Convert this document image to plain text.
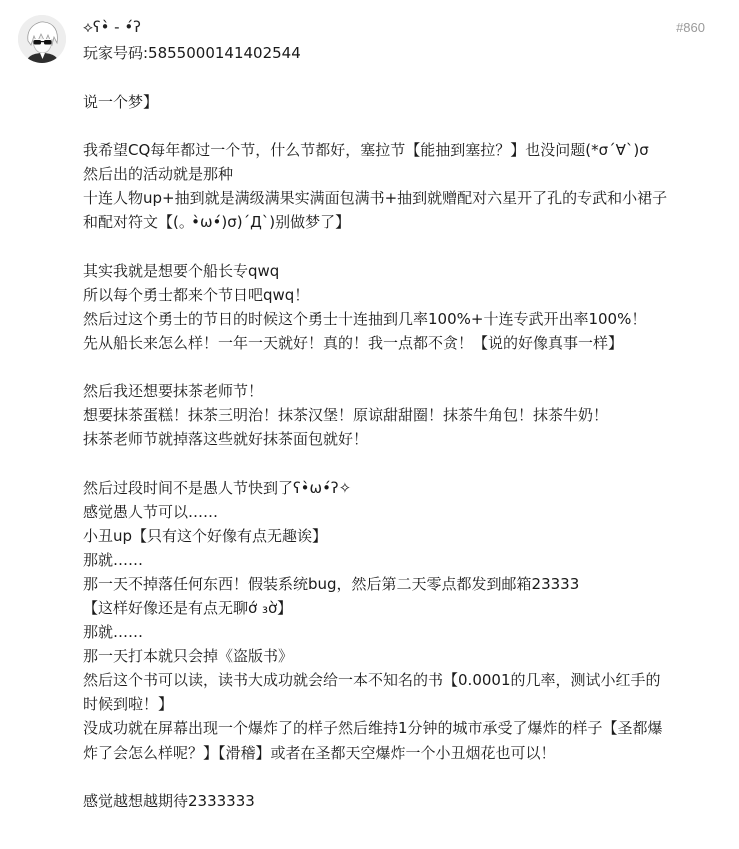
⟡ʕ•̀ - •́ʔ	#860
玩家号码:5855000141402544
说一个梦】
我希望CQ每年都过一个节，什么节都好，塞拉节【能抽到塞拉？】也没问题(*σ´∀`)σ
然后出的活动就是那种
十连人物up+抽到就是满级满果实满面包满书+抽到就赠配对六星开了孔的专武和小裙子
和配对符文【(｡ •̀ω•́)σ)´Д`)别做梦了】
其实我就是想要个船长专qwq
所以每个勇士都来个节日吧qwq！
然后过这个勇士的节日的时候这个勇士十连抽到几率100%+十连专武开出率100%！
先从船长来怎么样！一年一天就好！真的！我一点都不贪！【说的好像真事一样】
然后我还想要抹茶老师节！
想要抹茶蛋糕！抹茶三明治！抹茶汉堡！原谅甜甜圈！抹茶牛角包！抹茶牛奶！
抹茶老师节就掉落这些就好抹茶面包就好！
然后过段时间不是愚人节快到了ʕ•̀ω•́ʔ✧
感觉愚人节可以……
小丑up【只有这个好像有点无趣诶】
那就……
那一天不掉落任何东西！假装系统bug，然后第二天零点都发到邮箱23333
【这样好像还是有点无聊ớ ₃ờ】
那就……
那一天打本就只会掉《盗版书》
然后这个书可以读，读书大成功就会给一本不知名的书【0.0001的几率，测试小红手的
时候到啦！】
没成功就在屏幕出现一个爆炸了的样子然后维持1分钟的城市承受了爆炸的样子【圣都爆
炸了会怎么样呢？】【滑稽】或者在圣都天空爆炸一个小丑烟花也可以！
感觉越想越期待2333333
